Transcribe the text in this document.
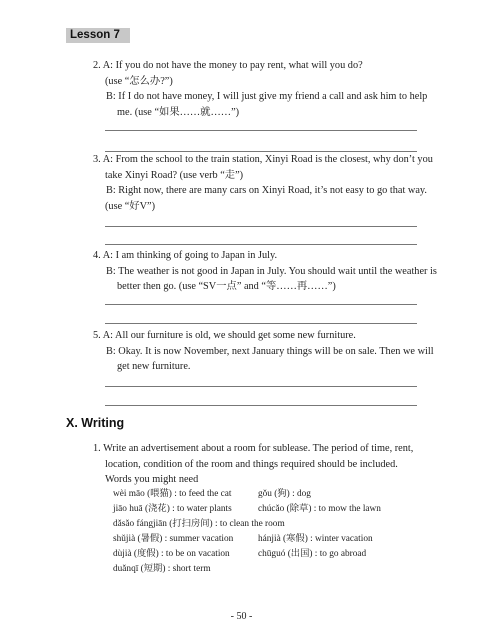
Lesson 7
2. A: If you do not have the money to pay rent, what will you do?
(use “怎么办?”)
B: If I do not have money, I will just give my friend a call and ask him to help
me. (use “如果……就……”)
3. A: From the school to the train station, Xinyi Road is the closest, why don’t you
take Xinyi Road? (use verb “走”)
B: Right now, there are many cars on Xinyi Road, it’s not easy to go that way.
(use “好V”)
4. A: I am thinking of going to Japan in July.
B: The weather is not good in Japan in July. You should wait until the weather is
better then go. (use “SV一点” and “等……再……”)
5. A: All our furniture is old, we should get some new furniture.
B: Okay. It is now November, next January things will be on sale. Then we will
get new furniture.
X. Writing
1. Write an advertisement about a room for sublease. The period of time, rent,
location, condition of the room and things required should be included.
Words you might need
wèi māo (喂猫) : to feed the cat	gǒu (狗) : dog
jiāo huā (浇花) : to water plants	chúcǎo (除草) : to mow the lawn
dǎsǎo fángjiān (打扫房间) : to clean the room
shǔjià (暑假) : summer vacation	hánjià (寒假) : winter vacation
dùjià (度假) : to be on vacation	chūguó (出国) : to go abroad
duǎnqī (短期) : short term
- 50 -
